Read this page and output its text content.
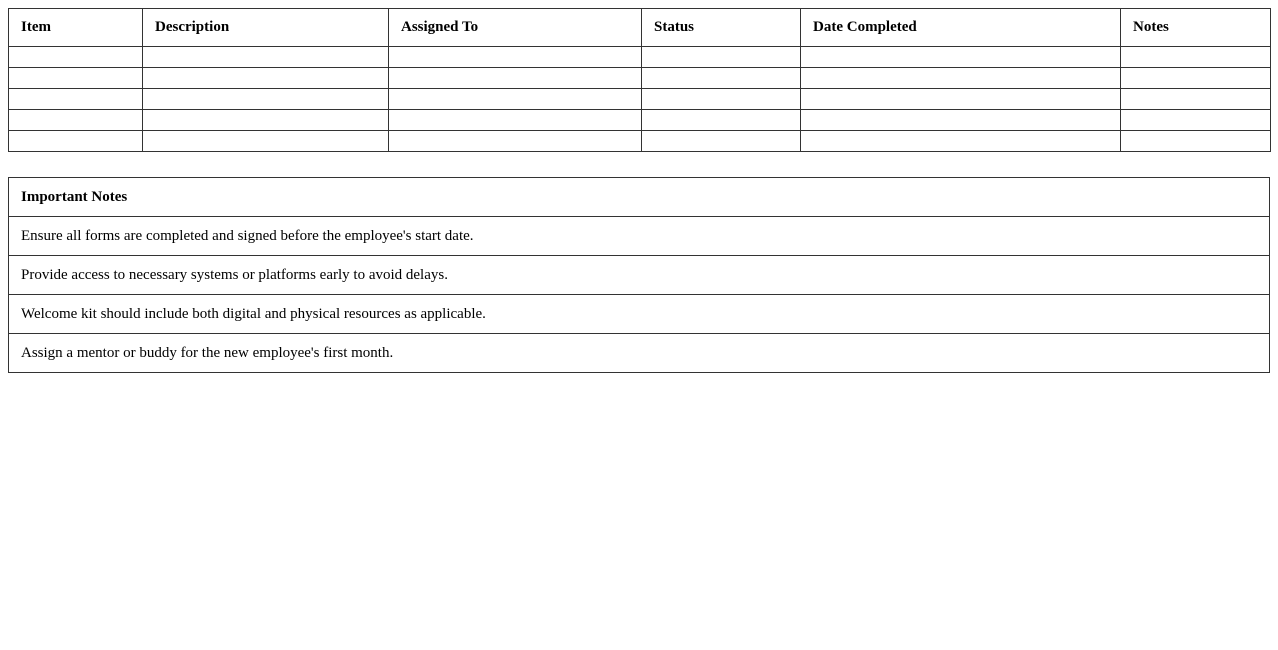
Item	Description	Assigned To	Status	Date Completed	Notes

Important Notes
Ensure all forms are completed and signed before the employee's start date.
Provide access to necessary systems or platforms early to avoid delays.
Welcome kit should include both digital and physical resources as applicable.
Assign a mentor or buddy for the new employee's first month.
